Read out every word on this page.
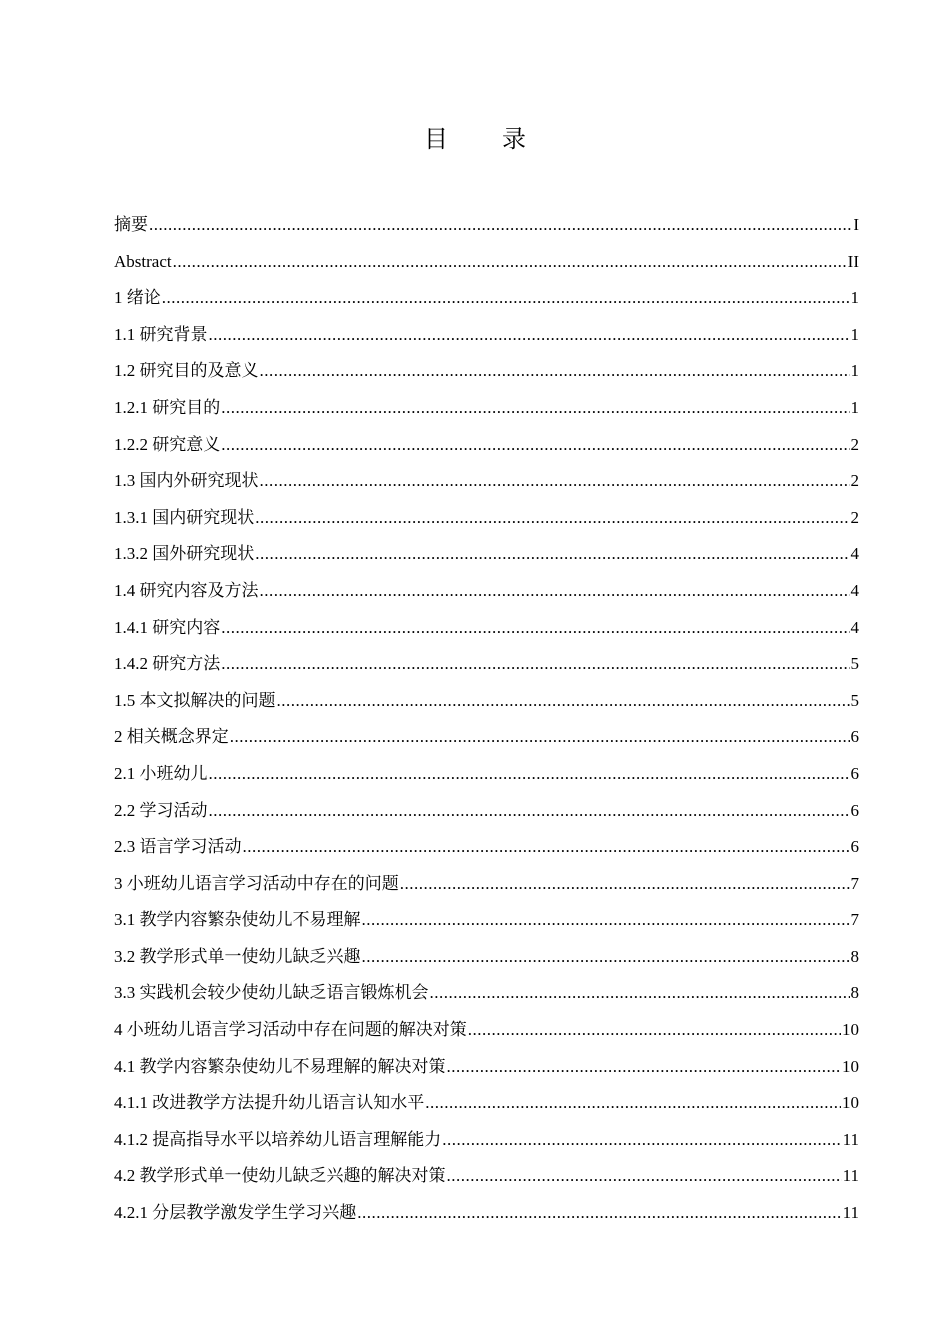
目 录
摘要 .....	I
Abstract .....	II
1 绪论 .....	1
1.1 研究背景 .....	1
1.2 研究目的及意义 .....	1
1.2.1 研究目的 .....	1
1.2.2 研究意义 .....	2
1.3 国内外研究现状 .....	2
1.3.1 国内研究现状 .....	2
1.3.2 国外研究现状 .....	4
1.4 研究内容及方法 .....	4
1.4.1 研究内容 .....	4
1.4.2 研究方法 .....	5
1.5 本文拟解决的问题 .....	5
2 相关概念界定 .....	6
2.1 小班幼儿 .....	6
2.2 学习活动 .....	6
2.3 语言学习活动 .....	6
3 小班幼儿语言学习活动中存在的问题 .....	7
3.1 教学内容繁杂使幼儿不易理解 .....	7
3.2 教学形式单一使幼儿缺乏兴趣 .....	8
3.3 实践机会较少使幼儿缺乏语言锻炼机会 .....	8
4 小班幼儿语言学习活动中存在问题的解决对策 .....	10
4.1 教学内容繁杂使幼儿不易理解的解决对策 .....	10
4.1.1 改进教学方法提升幼儿语言认知水平 .....	10
4.1.2 提高指导水平以培养幼儿语言理解能力 .....	11
4.2 教学形式单一使幼儿缺乏兴趣的解决对策 .....	11
4.2.1 分层教学激发学生学习兴趣 .....	11
